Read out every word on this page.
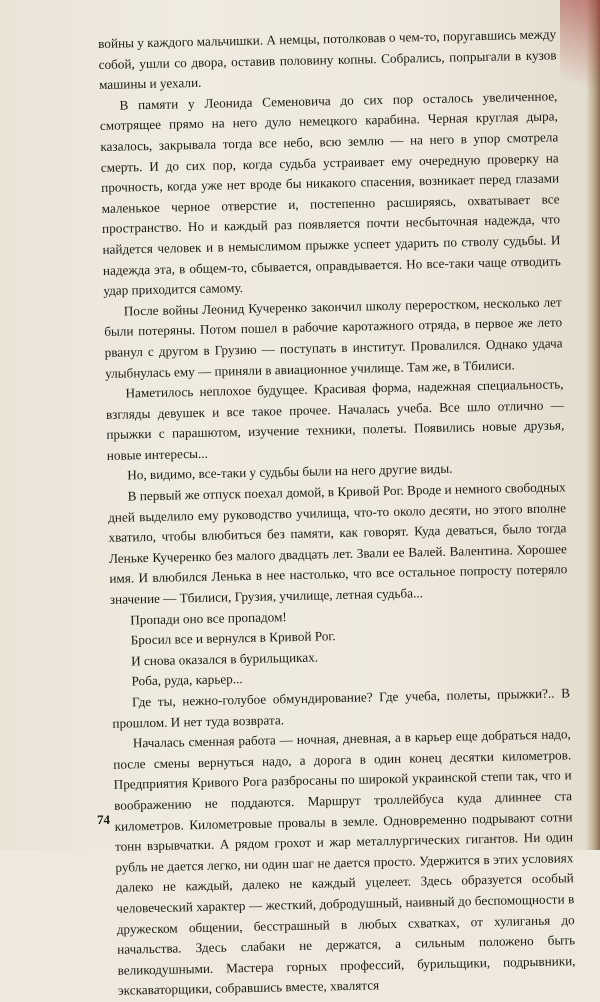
войны у каждого мальчишки. А немцы, потолковав о чем-то, поругавшись между собой, ушли со двора, оставив половину копны. Собрались, попрыгали в кузов машины и уехали.

В памяти у Леонида Семеновича до сих пор осталось увеличенное, смотрящее прямо на него дуло немецкого карабина. Черная круглая дыра, казалось, закрывала тогда все небо, всю землю — на него в упор смотрела смерть. И до сих пор, когда судьба устраивает ему очередную проверку на прочность, когда уже нет вроде бы никакого спасения, возникает перед глазами маленькое черное отверстие и, постепенно расширяясь, охватывает все пространство. Но и каждый раз появляется почти несбыточная надежда, что найдется человек и в немыслимом прыжке успеет ударить по стволу судьбы. И надежда эта, в общем-то, сбывается, оправдывается. Но все-таки чаще отводить удар приходится самому.

После войны Леонид Кучеренко закончил школу переростком, несколько лет были потеряны. Потом пошел в рабочие каротажного отряда, в первое же лето рванул с другом в Грузию — поступать в институт. Провалился. Однако удача улыбнулась ему — приняли в авиационное училище. Там же, в Тбилиси.

Наметилось неплохое будущее. Красивая форма, надежная специальность, взгляды девушек и все такое прочее. Началась учеба. Все шло отлично — прыжки с парашютом, изучение техники, полеты. Появились новые друзья, новые интересы...

Но, видимо, все-таки у судьбы были на него другие виды.

В первый же отпуск поехал домой, в Кривой Рог. Вроде и немного свободных дней выделило ему руководство училища, что-то около десяти, но этого вполне хватило, чтобы влюбиться без памяти, как говорят. Куда деваться, было тогда Леньке Кучеренко без малого двадцать лет. Звали ее Валей. Валентина. Хорошее имя. И влюбился Ленька в нее настолько, что все остальное попросту потеряло значение — Тбилиси, Грузия, училище, летная судьба...

Пропади оно все пропадом!

Бросил все и вернулся в Кривой Рог.

И снова оказался в бурильщиках.

Роба, руда, карьер...

Где ты, нежно-голубое обмундирование? Где учеба, полеты, прыжки?.. В прошлом. И нет туда возврата.

Началась сменная работа — ночная, дневная, а в карьер еще добраться надо, после смены вернуться надо, а дорога в один конец десятки километров. Предприятия Кривого Рога разбросаны по широкой украинской степи так, что и воображению не поддаются. Маршрут троллейбуса куда длиннее ста километров. Километровые провалы в земле. Одновременно подрывают сотни тонн взрывчатки. А рядом грохот и жар металлургических гигантов. Ни один рубль не дается легко, ни один шаг не дается просто. Удержится в этих условиях далеко не каждый, далеко не каждый уцелеет. Здесь образуется особый человеческий характер — жесткий, добродушный, наивный до беспомощности в дружеском общении, бесстрашный в любых схватках, от хулиганья до начальства. Здесь слабаки не держатся, а сильным положено быть великодушными. Мастера горных профессий, бурильщики, подрывники, экскаваторщики, собравшись вместе, хвалятся

74
